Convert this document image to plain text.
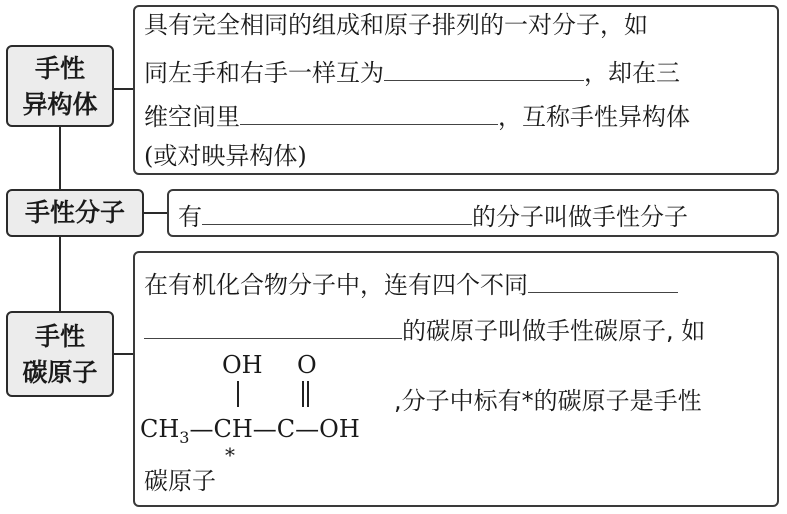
手性
异构体
手性分子
手性
碳原子
具有完全相同的组成和原子排列的一对分子，如
同左手和右手一样互为	，却在三
维空间里	，互称手性异构体
(或对映异构体)
有	的分子叫做手性分子
在有机化合物分子中，连有四个不同
的碳原子叫做手性碳原子, 如
OH O
$CH_3—CH—C—OH$
*
,分子中标有*的碳原子是手性
碳原子
